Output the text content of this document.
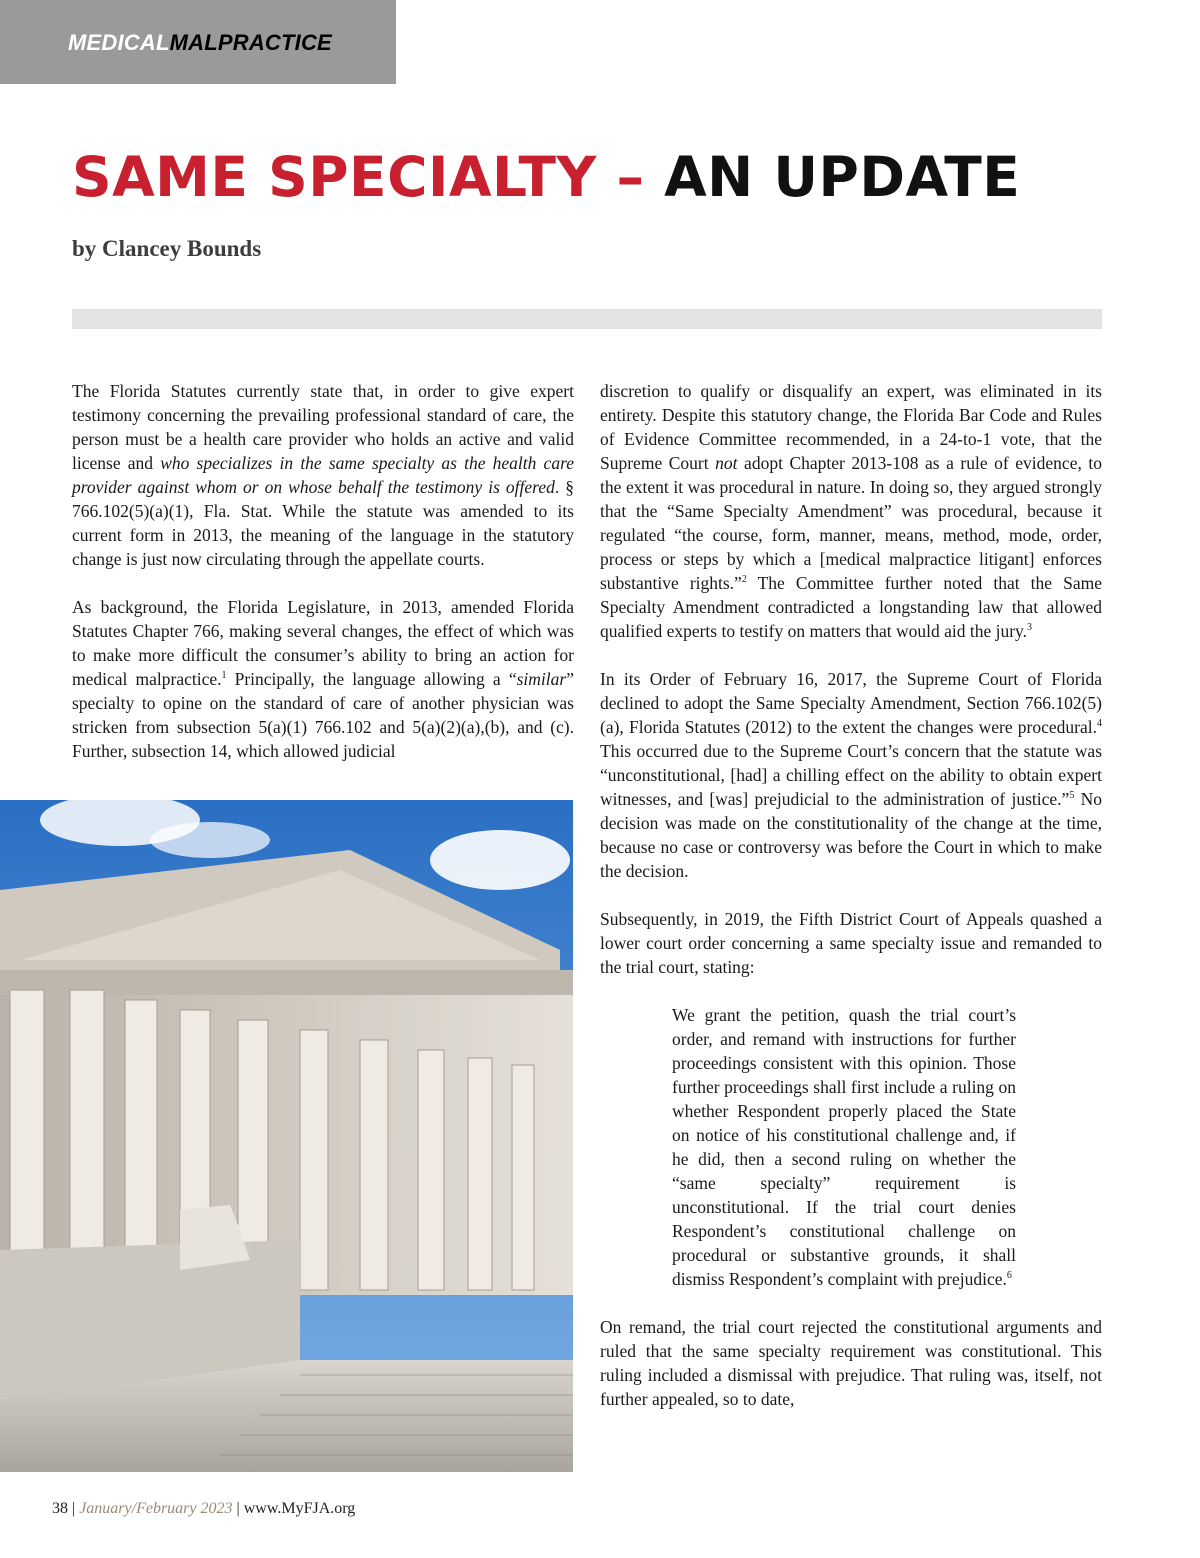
MEDICALMALPRACTICE
SAME SPECIALTY – AN UPDATE
by Clancey Bounds

The Florida Statutes currently state that, in order to give expert testimony concerning the prevailing professional standard of care, the person must be a health care provider who holds an active and valid license and who specializes in the same specialty as the health care provider against whom or on whose behalf the testimony is offered. § 766.102(5)(a)(1), Fla. Stat. While the statute was amended to its current form in 2013, the meaning of the language in the statutory change is just now circulating through the appellate courts.

As background, the Florida Legislature, in 2013, amended Florida Statutes Chapter 766, making several changes, the effect of which was to make more difficult the consumer’s ability to bring an action for medical malpractice.$^1$ Principally, the language allowing a “similar” specialty to opine on the standard of care of another physician was stricken from subsection 5(a)(1) 766.102 and 5(a)(2)(a),(b), and (c). Further, subsection 14, which allowed judicial

discretion to qualify or disqualify an expert, was eliminated in its entirety. Despite this statutory change, the Florida Bar Code and Rules of Evidence Committee recommended, in a 24-to-1 vote, that the Supreme Court not adopt Chapter 2013-108 as a rule of evidence, to the extent it was procedural in nature. In doing so, they argued strongly that the “Same Specialty Amendment” was procedural, because it regulated “the course, form, manner, means, method, mode, order, process or steps by which a [medical malpractice litigant] enforces substantive rights.”$^2$ The Committee further noted that the Same Specialty Amendment contradicted a longstanding law that allowed qualified experts to testify on matters that would aid the jury.$^3$

In its Order of February 16, 2017, the Supreme Court of Florida declined to adopt the Same Specialty Amendment, Section 766.102(5)(a), Florida Statutes (2012) to the extent the changes were procedural.$^4$ This occurred due to the Supreme Court’s concern that the statute was “unconstitutional, [had] a chilling effect on the ability to obtain expert witnesses, and [was] prejudicial to the administration of justice.”$^5$ No decision was made on the constitutionality of the change at the time, because no case or controversy was before the Court in which to make the decision.

Subsequently, in 2019, the Fifth District Court of Appeals quashed a lower court order concerning a same specialty issue and remanded to the trial court, stating:

We grant the petition, quash the trial court’s order, and remand with instructions for further proceedings consistent with this opinion. Those further proceedings shall first include a ruling on whether Respondent properly placed the State on notice of his constitutional challenge and, if he did, then a second ruling on whether the “same specialty” requirement is unconstitutional. If the trial court denies Respondent’s constitutional challenge on procedural or substantive grounds, it shall dismiss Respondent’s complaint with prejudice.$^6$

On remand, the trial court rejected the constitutional arguments and ruled that the same specialty requirement was constitutional. This ruling included a dismissal with prejudice. That ruling was, itself, not further appealed, so to date,

38 | January/February 2023 | www.MyFJA.org
